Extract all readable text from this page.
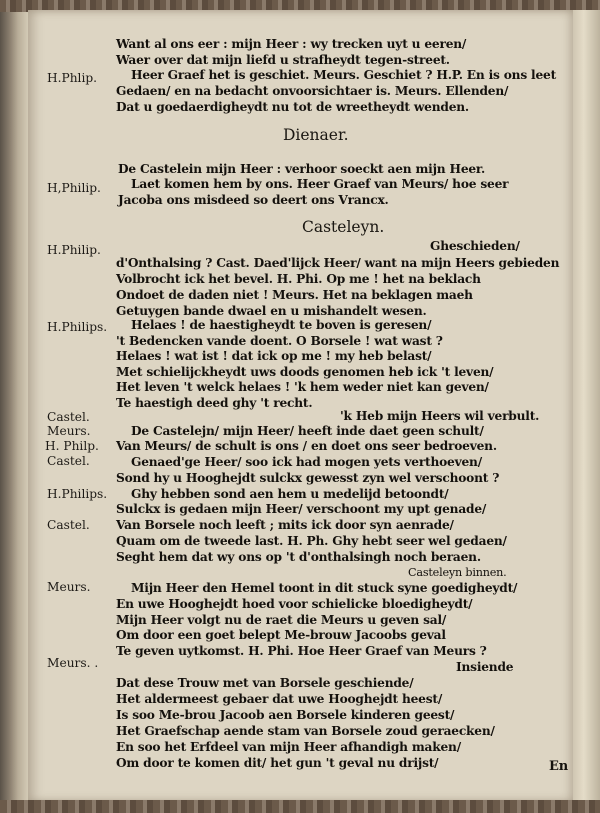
Want al ons eer : mijn Heer : wy trecken uyt u eeren/
Waer over dat mijn liefd u strafheydt tegen-street.
H.Phlip.	Heer Graef het is geschiet. Meurs. Geschiet ? H.P. En is ons leet
Gedaen/ en na bedacht onvoorsichtaer is. Meurs. Ellenden/
Dat u goedaerdigheydt nu tot de wreetheydt wenden.
Dienaer.
De Castelein mijn Heer : verhoor soeckt aen mijn Heer.
H,Philip. Laet komen hem by ons. Heer Graef van Meurs/ hoe seer
Jacoba ons misdeed so deert ons Vrancx.
Casteleyn.
H.Philip.	Gheschieden/
d'Onthalsing ? Cast. Daed'lijck Heer/ want na mijn Heers gebieden
Volbrocht ick het bevel. H. Phi. Op me ! het na beklach
Ondoet de daden niet ! Meurs. Het na beklagen maeh
Getuygen bande dwael en u mishandelt wesen.
H.Philips. Helaes ! de haestigheydt te boven is geresen/
't Bedencken vande doent. O Borsele ! wat wast ?
Helaes ! wat ist ! dat ick op me ! my heb belast/
Met schielijckheydt uws doods genomen heb ick 't leven/
Het leven 't welck helaes ! 'k hem weder niet kan geven/
Te haestigh deed ghy 't recht.
Castel.	'k Heb mijn Heers wil verbult.
Meurs.	De Castelejn/ mijn Heer/ heeft inde daet geen schult/
H. Philp. Van Meurs/ de schult is ons / en doet ons seer bedroeven.
Castel.	Genaed'ge Heer/ soo ick had mogen yets verthoeven/
Sond hy u Hooghejdt sulckx gewesst zyn wel verschoont ?
H.Philips. Ghy hebben sond aen hem u medelijd betoondt/
Sulckx is gedaen mijn Heer/ verschoont my upt genade/
Castel. Van Borsele noch leeft ; mits ick door syn aenrade/
Quam om de tweede last. H. Ph. Ghy hebt seer wel gedaen/
Seght hem dat wy ons op 't d'onthalsingh noch beraen.
Casteleyn binnen.
Meurs.	Mijn Heer den Hemel toont in dit stuck syne goedigheydt/
En uwe Hooghejdt hoed voor schielicke bloedigheydt/
Mijn Heer volgt nu de raet die Meurs u geven sal/
Om door een goet belept Me-brouw Jacoobs geval
Te geven uytkomst. H. Phi. Hoe Heer Graef van Meurs ?
Meurs. .	Insiende
Dat dese Trouw met van Borsele geschiende/
Het aldermeest gebaer dat uwe Hooghejdt heest/
Is soo Me-brou Jacoob aen Borsele kinderen geest/
Het Graefschap aende stam van Borsele zoud geraecken/
En soo het Erfdeel van mijn Heer afhandigh maken/
Om door te komen dit/ het gun 't geval nu drijst/	En
